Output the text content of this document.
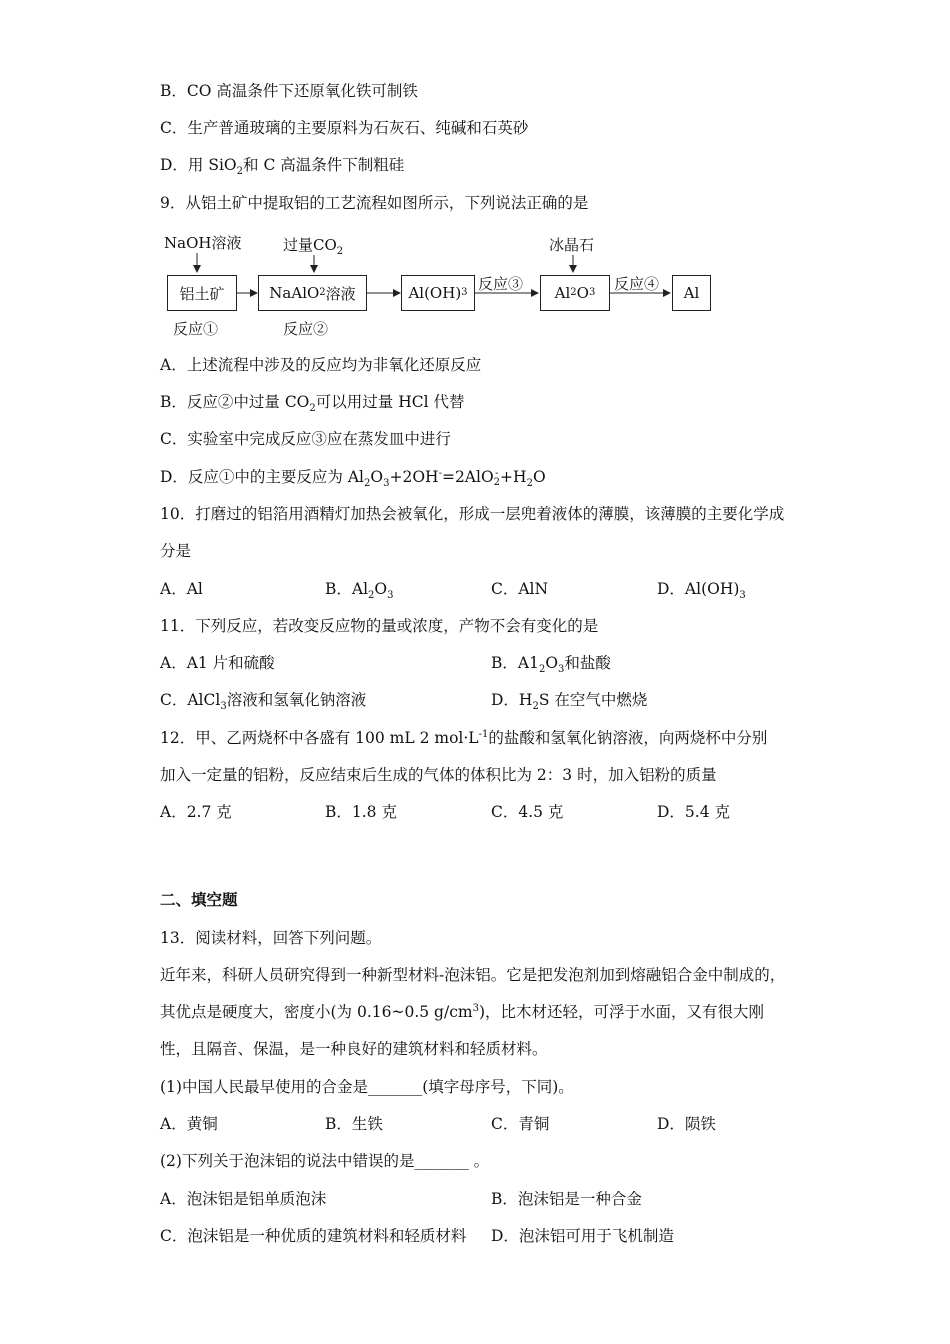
B．CO 高温条件下还原氧化铁可制铁
C．生产普通玻璃的主要原料为石灰石、纯碱和石英砂
D．用 SiO$_2$和 C 高温条件下制粗硅
9．从铝土矿中提取铝的工艺流程如图所示，下列说法正确的是
NaOH溶液	过量$CO_2$	冰晶石
铝土矿	NaAlO 2 溶液	Al(OH) 3	Al 2 O 3	Al
反应①	反应②
反应③	反应④
A．上述流程中涉及的反应均为非氧化还原反应
B．反应②中过量 $CO_2$可以用过量 HCl 代替
C．实验室中完成反应③应在蒸发皿中进行
D．反应①中的主要反应为 $Al_2O_3+2OH^-=2AlO$ -
$2 +H_2O$
10．打磨过的铝箔用酒精灯加热会被氧化，形成一层兜着液体的薄膜，该薄膜的主要化学成分是
A．Al	B．$Al_2O_3$	C．AlN	D．$Al(OH)_3$
11．下列反应，若改变反应物的量或浓度，产物不会有变化的是
A．A1 片和硫酸	B．$A1_2O_3$和盐酸
C．AlCl$_3$溶液和氢氧化钠溶液	D．$H_2S$ 在空气中燃烧
12．甲、乙两烧杯中各盛有 100 mL 2 $mol\cdot L^{-1}$的盐酸和氢氧化钠溶液，向两烧杯中分别
加入一定量的铝粉，反应结束后生成的气体的体积比为 2：3 时，加入铝粉的质量
A．2.7 克	B．1.8 克	C．4.5 克	D．5.4 克
二、填空题
13．阅读材料，回答下列问题。
近年来，科研人员研究得到一种新型材料-泡沫铝。它是把发泡剂加到熔融铝合金中制成的，其优点是硬度大，密度小(为 0.16~0.5 $g/cm^3$)，比木材还轻，可浮于水面，又有很大刚性，且隔音、保温，是一种良好的建筑材料和轻质材料。
(1)中国人民最早使用的合金是_______(填字母序号，下同)。
A．黄铜	B．生铁	C．青铜	D．陨铁
(2)下列关于泡沫铝的说法中错误的是_______ 。
A．泡沫铝是铝单质泡沫	B．泡沫铝是一种合金
C．泡沫铝是一种优质的建筑材料和轻质材料 D．泡沫铝可用于飞机制造
